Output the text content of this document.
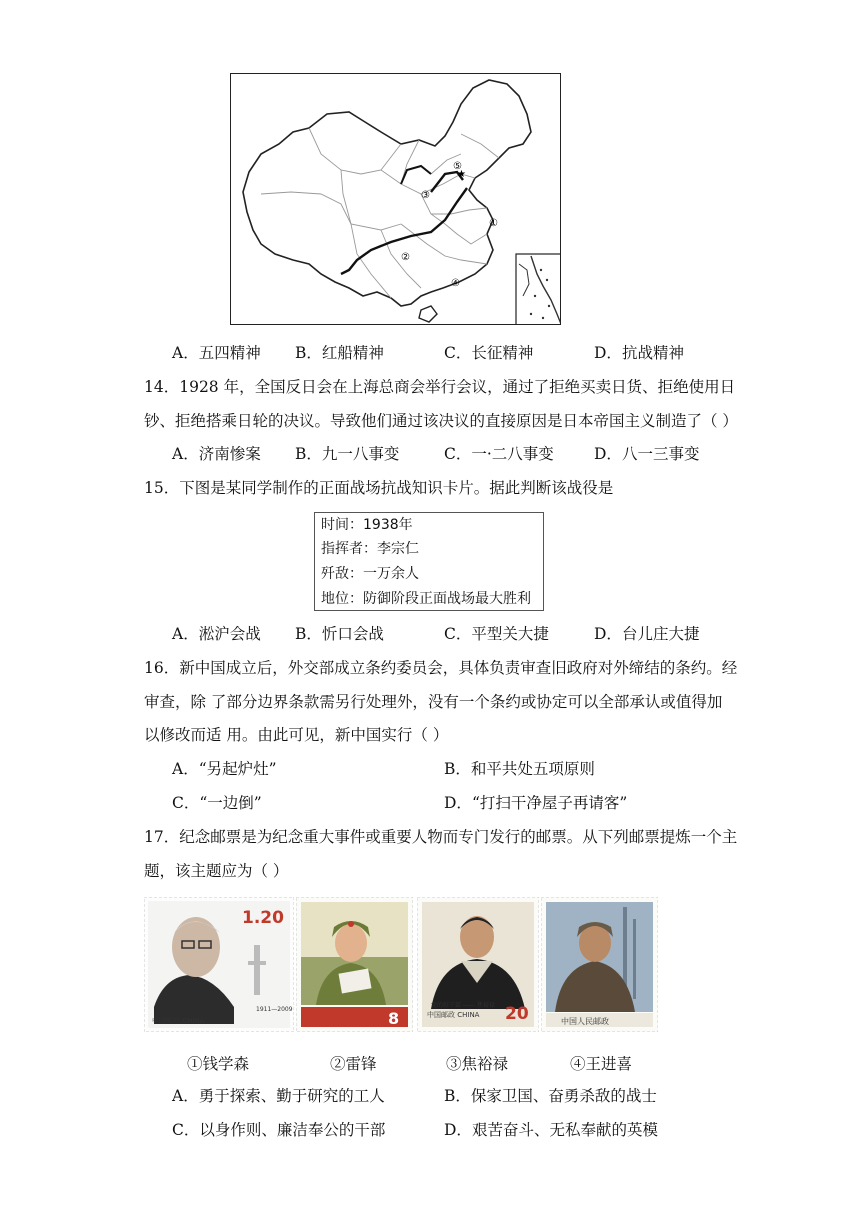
⑤
★
③
①
②
④
A．五四精神 B．红船精神	C．长征精神	D．抗战精神
14．1928 年，全国反日会在上海总商会举行会议，通过了拒绝买卖日货、拒绝使用日
钞、拒绝搭乘日轮的决议。导致他们通过该决议的直接原因是日本帝国主义制造了（ ）
A．济南惨案 B．九一八事变	C．一·二八事变	D．八一三事变
15．下图是某同学制作的正面战场抗战知识卡片。据此判断该战役是
时间：1938年
指挥者：李宗仁
歼敌：一万余人
地位：防御阶段正面战场最大胜利
A．淞沪会战 B．忻口会战	C．平型关大捷	D．台儿庄大捷
16．新中国成立后，外交部成立条约委员会，具体负责审查旧政府对外缔结的条约。经
审查，除 了部分边界条款需另行处理外，没有一个条约或协定可以全部承认或值得加
以修改而适 用。由此可见，新中国实行（ ）
A．“另起炉灶”	B．和平共处五项原则
C．“一边倒”	D．“打扫干净屋子再请客”
17．纪念邮票是为纪念重大事件或重要人物而专门发行的邮票。从下列邮票提炼一个主
题，该主题应为（ ）
1.20
中国邮政 CHINA
1911—2009	8
党的好干部 —— 焦裕禄
中国邮政 CHINA 20	中国人民邮政
①钱学森	②雷锋	③焦裕禄	④王进喜
A．勇于探索、勤于研究的工人	B．保家卫国、奋勇杀敌的战士
C．以身作则、廉洁奉公的干部	D．艰苦奋斗、无私奉献的英模
